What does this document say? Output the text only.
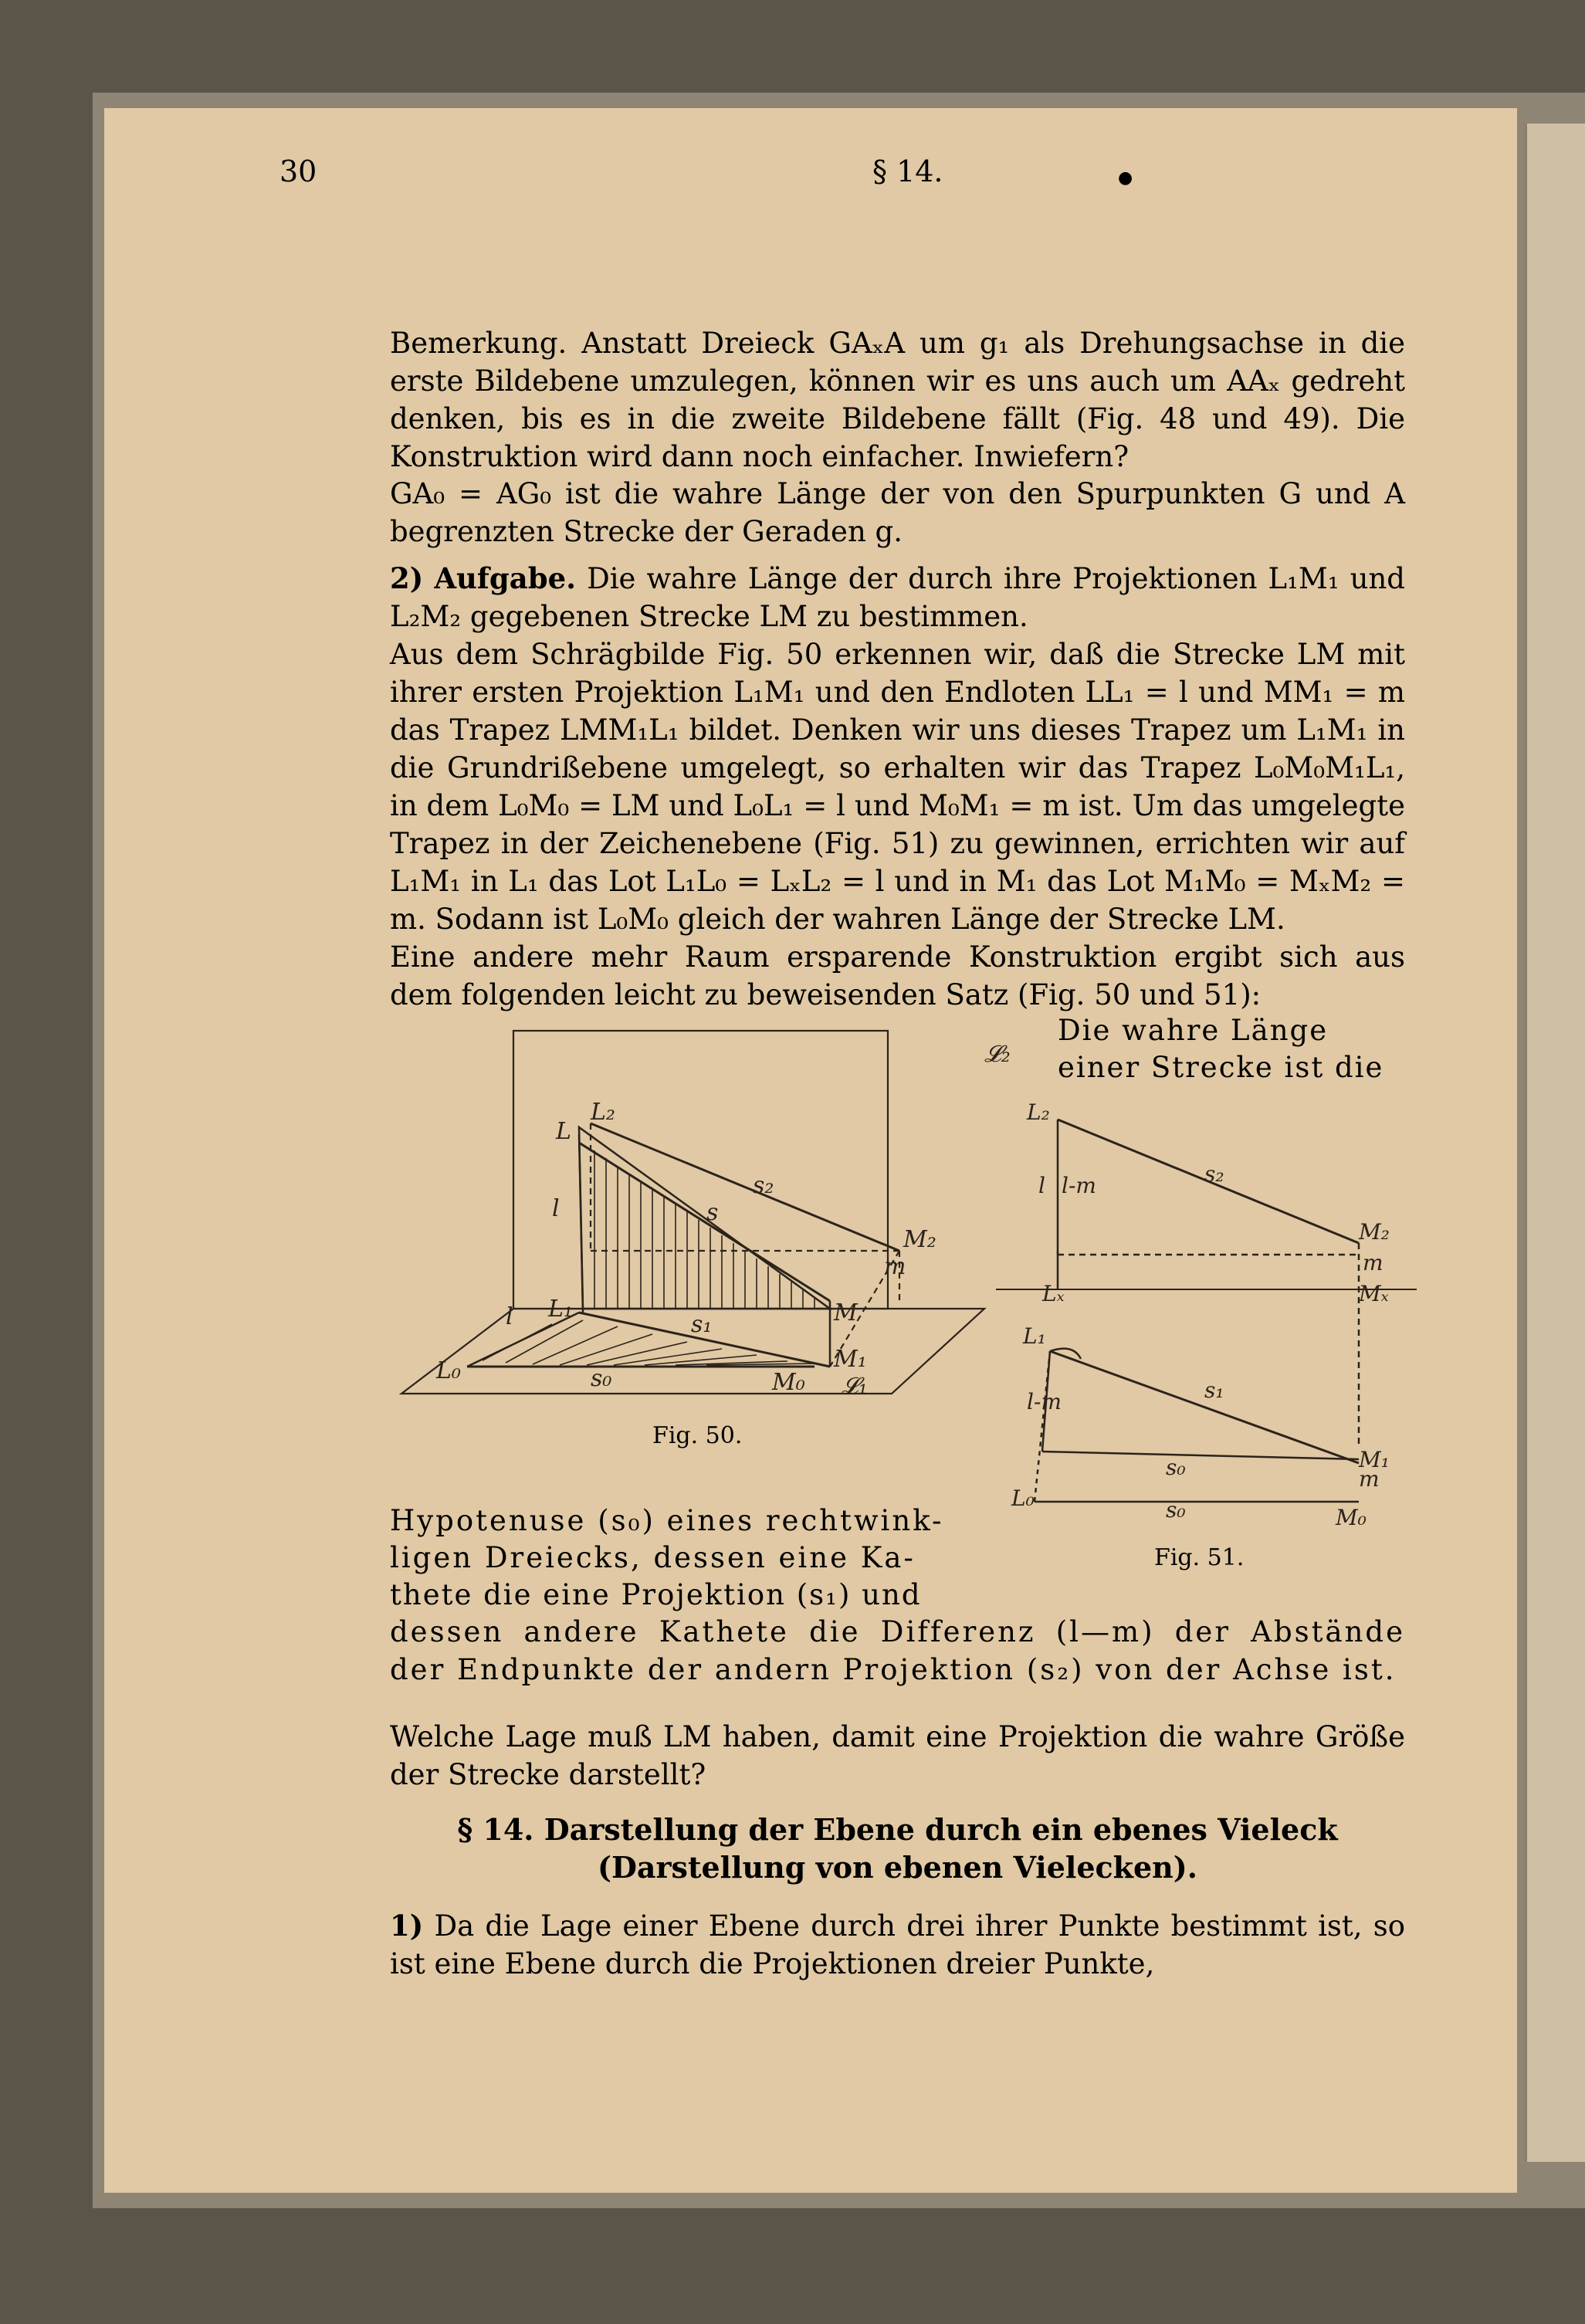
30	§ 14.	●
Bemerkung. Anstatt Dreieck GAₓA um g₁ als Drehungsachse in die erste Bildebene umzulegen, können wir es uns auch um AAₓ gedreht denken, bis es in die zweite Bildebene fällt (Fig. 48 und 49). Die Konstruktion wird dann noch einfacher. Inwiefern?
GA₀ = AG₀ ist die wahre Länge der von den Spurpunkten G und A begrenzten Strecke der Geraden g.
2) Aufgabe. Die wahre Länge der durch ihre Projektionen L₁M₁ und L₂M₂ gegebenen Strecke LM zu bestimmen.
Aus dem Schrägbilde Fig. 50 erkennen wir, daß die Strecke LM mit ihrer ersten Projektion L₁M₁ und den Endloten LL₁ = l und MM₁ = m das Trapez LMM₁L₁ bildet. Denken wir uns dieses Trapez um L₁M₁ in die Grundrißebene umgelegt, so erhalten wir das Trapez L₀M₀M₁L₁, in dem L₀M₀ = LM und L₀L₁ = l und M₀M₁ = m ist. Um das umgelegte Trapez in der Zeichenebene (Fig. 51) zu gewinnen, errichten wir auf L₁M₁ in L₁ das Lot L₁L₀ = LₓL₂ = l und in M₁ das Lot M₁M₀ = MₓM₂ = m. Sodann ist L₀M₀ gleich der wahren Länge der Strecke LM.
Eine andere mehr Raum ersparende Konstruktion ergibt sich aus dem folgenden leicht zu beweisenden Satz (Fig. 50 und 51):
Die wahre Länge
einer Strecke ist die
𝓛₂
L₂
L
l
s₂
s
M₂
m
L₁
l	M
s₁
L₀	s₀	M₀
M₁
𝓛₁
Fig. 50.
L₂
l l-m	s₂
M₂
m
Lₓ	Mₓ
L₁
s₁
M₁
l-m
s₀	m
L₀	s₀	M₀
Fig. 51.
Hypotenuse (s₀) eines rechtwink-
ligen Dreiecks, dessen eine Ka-
thete die eine Projektion (s₁) und
dessen andere Kathete die Differenz (l—m) der Abstände der Endpunkte der andern Projektion (s₂) von der Achse ist.
Welche Lage muß LM haben, damit eine Projektion die wahre Größe der Strecke darstellt?
§ 14. Darstellung der Ebene durch ein ebenes Vieleck (Darstellung von ebenen Vielecken).
1) Da die Lage einer Ebene durch drei ihrer Punkte bestimmt ist, so ist eine Ebene durch die Projektionen dreier Punkte,
